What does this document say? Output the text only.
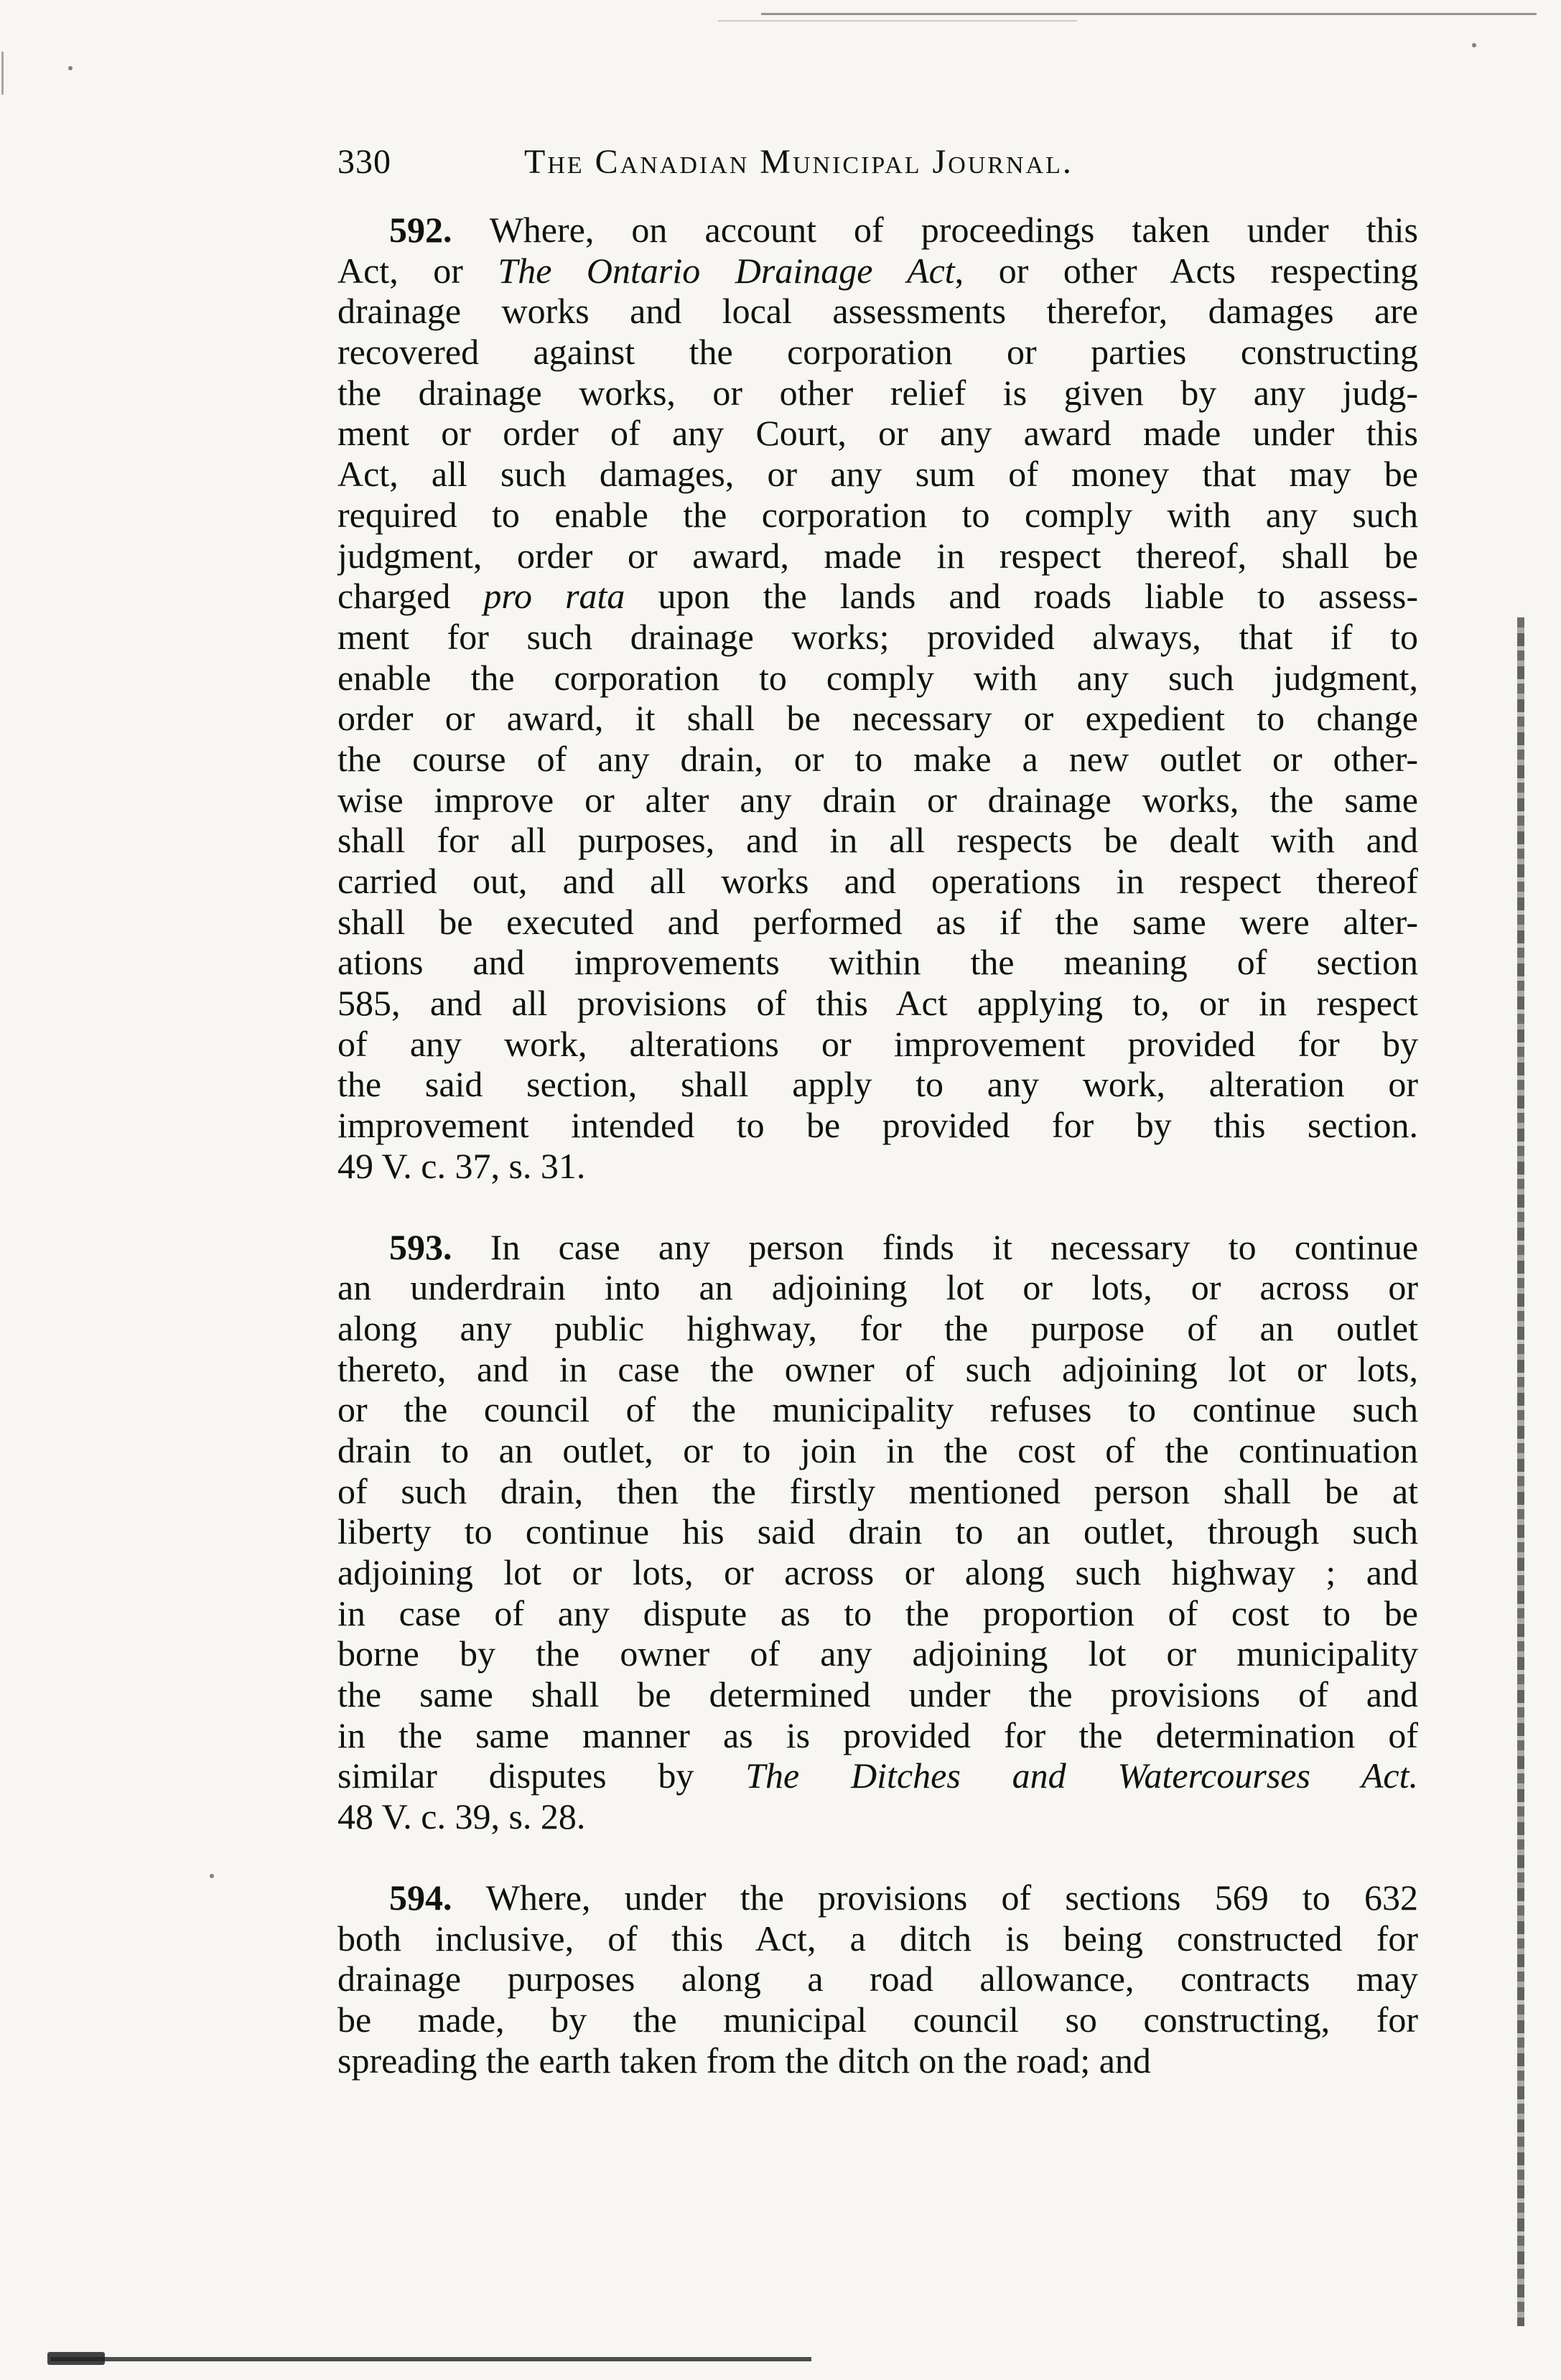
330	The Canadian Municipal Journal.
592. Where, on account of proceedings taken under this
Act, or The Ontario Drainage Act, or other Acts respecting
drainage works and local assessments therefor, damages are
recovered against the corporation or parties constructing
the drainage works, or other relief is given by any judg-
ment or order of any Court, or any award made under this
Act, all such damages, or any sum of money that may be
required to enable the corporation to comply with any such
judgment, order or award, made in respect thereof, shall be
charged pro rata upon the lands and roads liable to assess-
ment for such drainage works; provided always, that if to
enable the corporation to comply with any such judgment,
order or award, it shall be necessary or expedient to change
the course of any drain, or to make a new outlet or other-
wise improve or alter any drain or drainage works, the same
shall for all purposes, and in all respects be dealt with and
carried out, and all works and operations in respect thereof
shall be executed and performed as if the same were alter-
ations and improvements within the meaning of section
585, and all provisions of this Act applying to, or in respect
of any work, alterations or improvement provided for by
the said section, shall apply to any work, alteration or
improvement intended to be provided for by this section.
49 V. c. 37, s. 31.
593. In case any person finds it necessary to continue
an underdrain into an adjoining lot or lots, or across or
along any public highway, for the purpose of an outlet
thereto, and in case the owner of such adjoining lot or lots,
or the council of the municipality refuses to continue such
drain to an outlet, or to join in the cost of the continuation
of such drain, then the firstly mentioned person shall be at
liberty to continue his said drain to an outlet, through such
adjoining lot or lots, or across or along such highway ; and
in case of any dispute as to the proportion of cost to be
borne by the owner of any adjoining lot or municipality
the same shall be determined under the provisions of and
in the same manner as is provided for the determination of
similar disputes by The Ditches and Watercourses Act.
48 V. c. 39, s. 28.
594. Where, under the provisions of sections 569 to 632
both inclusive, of this Act, a ditch is being constructed for
drainage purposes along a road allowance, contracts may
be made, by the municipal council so constructing, for
spreading the earth taken from the ditch on the road; and
